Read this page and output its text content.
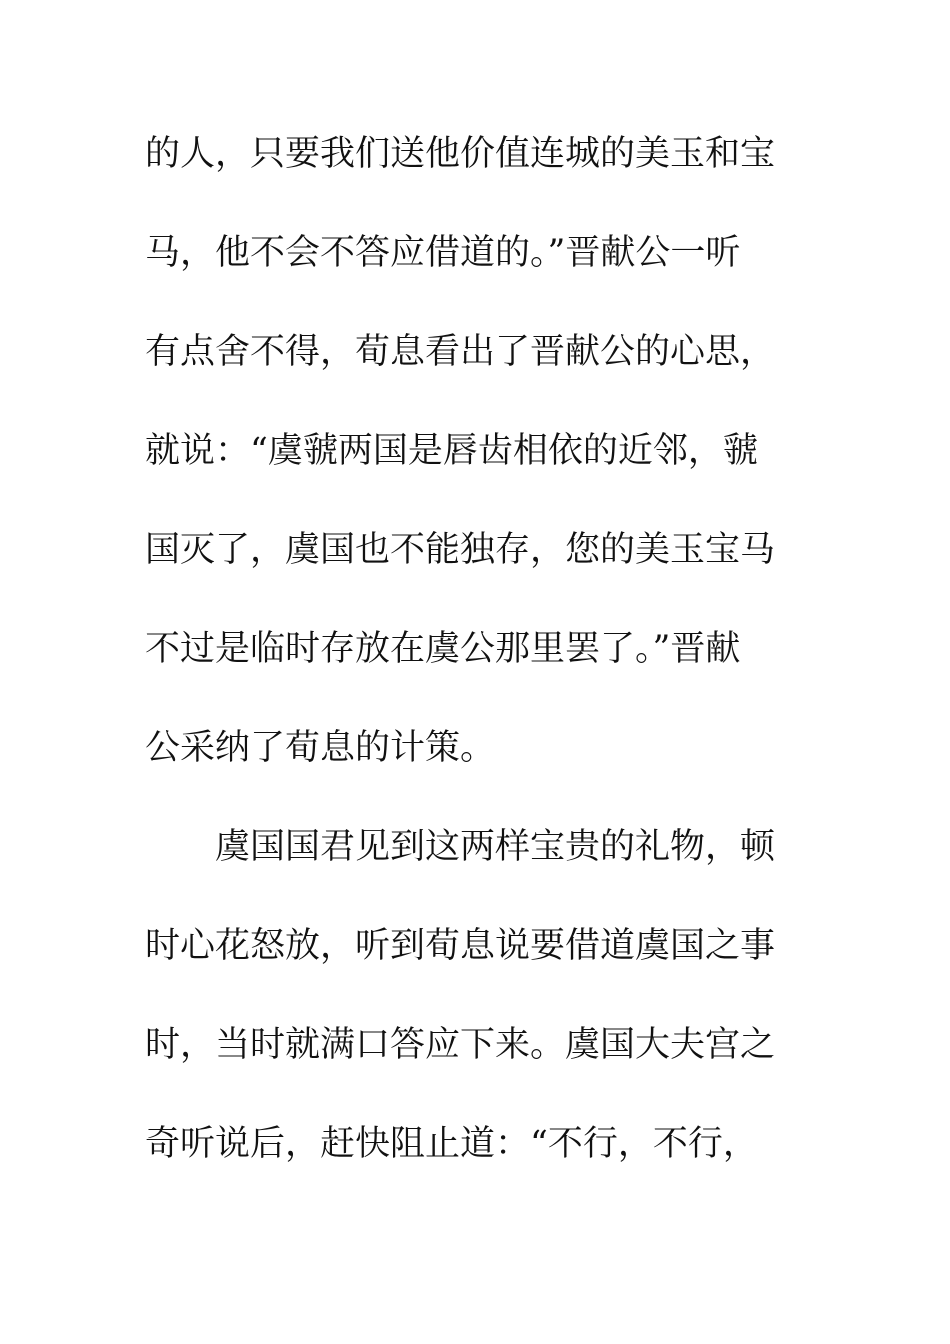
的人，只要我们送他价值连城的美玉和宝
马，他不会不答应借道的。”晋献公一听
有点舍不得，荀息看出了晋献公的心思，
就说：“虞虢两国是唇齿相依的近邻，虢
国灭了，虞国也不能独存，您的美玉宝马
不过是临时存放在虞公那里罢了。”晋献
公采纳了荀息的计策。
虞国国君见到这两样宝贵的礼物，顿
时心花怒放，听到荀息说要借道虞国之事
时，当时就满口答应下来。虞国大夫宫之
奇听说后，赶快阻止道：“不行，不行，
